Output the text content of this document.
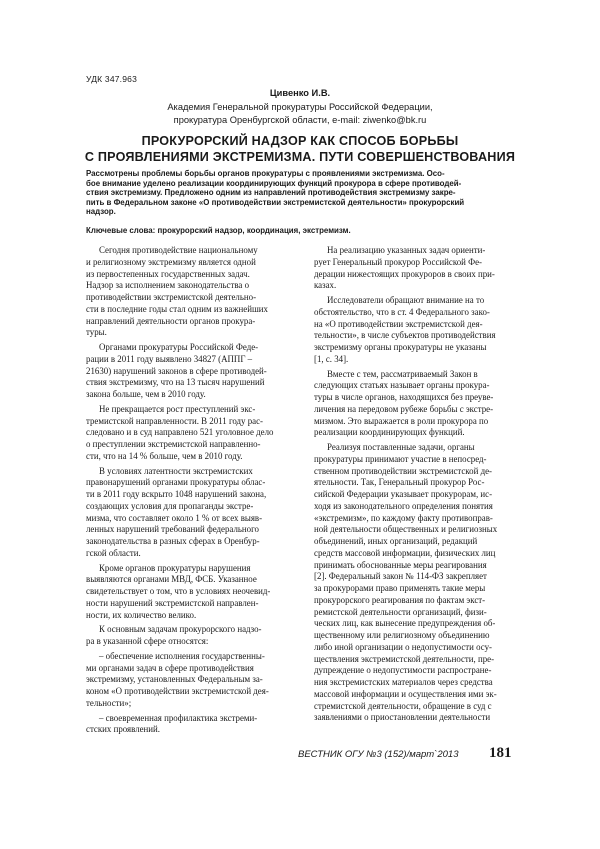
УДК 347.963
Цивенко И.В.
Академия Генеральной прокуратуры Российской Федерации,
прокуратура Оренбургской области, e-mail: ziwenko@bk.ru
ПРОКУРОРСКИЙ НАДЗОР КАК СПОСОБ БОРЬБЫ
С ПРОЯВЛЕНИЯМИ ЭКСТРЕМИЗМА. ПУТИ СОВЕРШЕНСТВОВАНИЯ
Рассмотрены проблемы борьбы органов прокуратуры с проявлениями экстремизма. Осо-
бое внимание уделено реализации координирующих функций прокурора в сфере противодей-
ствия экстремизму. Предложено одним из направлений противодействия экстремизму закре-
пить в Федеральном законе «О противодействии экстремистской деятельности» прокурорский
надзор.
Ключевые слова: прокурорский надзор, координация, экстремизм.
Сегодня противодействие национальному
и религиозному экстремизму является одной
из первостепенных государственных задач.
Надзор за исполнением законодательства о
противодействии экстремистской деятельно-
сти в последние годы стал одним из важнейших
направлений деятельности органов прокура-
туры.
Органами прокуратуры Российской Феде-
рации в 2011 году выявлено 34827 (АППГ –
21630) нарушений законов в сфере противодей-
ствия экстремизму, что на 13 тысяч нарушений
закона больше, чем в 2010 году.
Не прекращается рост преступлений экс-
тремистской направленности. В 2011 году рас-
следовано и в суд направлено 521 уголовное дело
о преступлении экстремистской направленно-
сти, что на 14 % больше, чем в 2010 году.
В условиях латентности экстремистских
правонарушений органами прокуратуры облас-
ти в 2011 году вскрыто 1048 нарушений закона,
создающих условия для пропаганды экстре-
мизма, что составляет около 1 % от всех выяв-
ленных нарушений требований федерального
законодательства в разных сферах в Оренбур-
гской области.
Кроме органов прокуратуры нарушения
выявляются органами МВД, ФСБ. Указанное
свидетельствует о том, что в условиях неочевид-
ности нарушений экстремистской направлен-
ности, их количество велико.
К основным задачам прокурорского надзо-
ра в указанной сфере относятся:
– обеспечение исполнения государственны-
ми органами задач в сфере противодействия
экстремизму, установленных Федеральным за-
коном «О противодействии экстремистской дея-
тельности»;
– своевременная профилактика экстреми-
стских проявлений.
На реализацию указанных задач ориенти-
рует Генеральный прокурор Российской Фе-
дерации нижестоящих прокуроров в своих при-
казах.
Исследователи обращают внимание на то
обстоятельство, что в ст. 4 Федерального зако-
на «О противодействии экстремистской дея-
тельности», в числе субъектов противодействия
экстремизму органы прокуратуры не указаны
[1, с. 34].
Вместе с тем, рассматриваемый Закон в
следующих статьях называет органы прокура-
туры в числе органов, находящихся без преуве-
личения на передовом рубеже борьбы с экстре-
мизмом. Это выражается в роли прокурора по
реализации координирующих функций.
Реализуя поставленные задачи, органы
прокуратуры принимают участие в непосред-
ственном противодействии экстремистской де-
ятельности. Так, Генеральный прокурор Рос-
сийской Федерации указывает прокурорам, ис-
ходя из законодательного определения понятия
«экстремизм», по каждому факту противоправ-
ной деятельности общественных и религиозных
объединений, иных организаций, редакций
средств массовой информации, физических лиц
принимать обоснованные меры реагирования
[2]. Федеральный закон № 114-ФЗ закрепляет
за прокурорами право применять такие меры
прокурорского реагирования по фактам экст-
ремистской деятельности организаций, физи-
ческих лиц, как вынесение предупреждения об-
щественному или религиозному объединению
либо иной организации о недопустимости осу-
ществления экстремистской деятельности, пре-
дупреждение о недопустимости распростране-
ния экстремистских материалов через средства
массовой информации и осуществления ими эк-
стремистской деятельности, обращение в суд с
заявлениями о приостановлении деятельности
ВЕСТНИК ОГУ №3 (152)/март`2013 181
